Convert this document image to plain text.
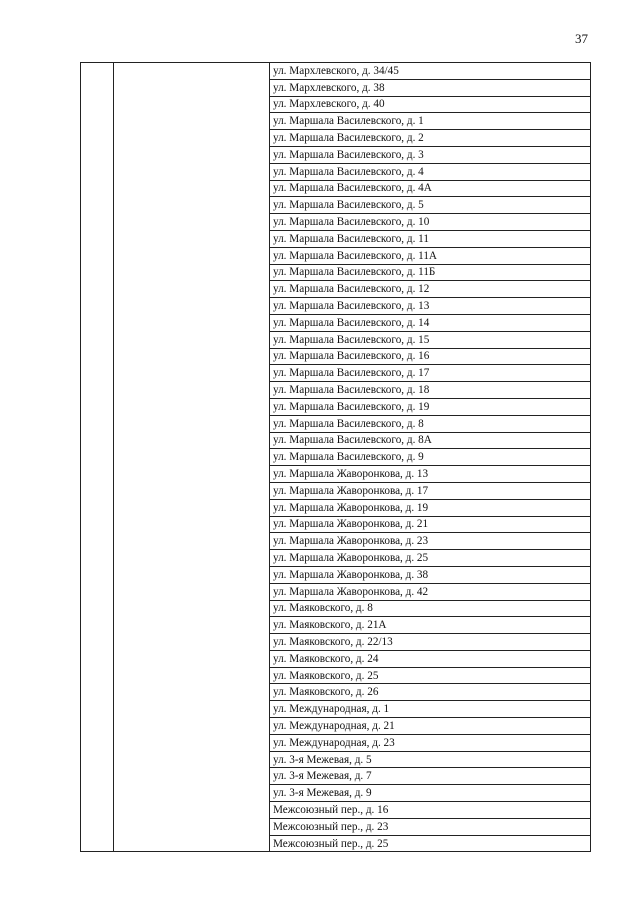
37
		ул. Мархлевского, д. 34/45
ул. Мархлевского, д. 38
ул. Мархлевского, д. 40
ул. Маршала Василевского, д. 1
ул. Маршала Василевского, д. 2
ул. Маршала Василевского, д. 3
ул. Маршала Василевского, д. 4
ул. Маршала Василевского, д. 4А
ул. Маршала Василевского, д. 5
ул. Маршала Василевского, д. 10
ул. Маршала Василевского, д. 11
ул. Маршала Василевского, д. 11А
ул. Маршала Василевского, д. 11Б
ул. Маршала Василевского, д. 12
ул. Маршала Василевского, д. 13
ул. Маршала Василевского, д. 14
ул. Маршала Василевского, д. 15
ул. Маршала Василевского, д. 16
ул. Маршала Василевского, д. 17
ул. Маршала Василевского, д. 18
ул. Маршала Василевского, д. 19
ул. Маршала Василевского, д. 8
ул. Маршала Василевского, д. 8А
ул. Маршала Василевского, д. 9
ул. Маршала Жаворонкова, д. 13
ул. Маршала Жаворонкова, д. 17
ул. Маршала Жаворонкова, д. 19
ул. Маршала Жаворонкова, д. 21
ул. Маршала Жаворонкова, д. 23
ул. Маршала Жаворонкова, д. 25
ул. Маршала Жаворонкова, д. 38
ул. Маршала Жаворонкова, д. 42
ул. Маяковского, д. 8
ул. Маяковского, д. 21А
ул. Маяковского, д. 22/13
ул. Маяковского, д. 24
ул. Маяковского, д. 25
ул. Маяковского, д. 26
ул. Международная, д. 1
ул. Международная, д. 21
ул. Международная, д. 23
ул. 3-я Межевая, д. 5
ул. 3-я Межевая, д. 7
ул. 3-я Межевая, д. 9
Межсоюзный пер., д. 16
Межсоюзный пер., д. 23
Межсоюзный пер., д. 25
